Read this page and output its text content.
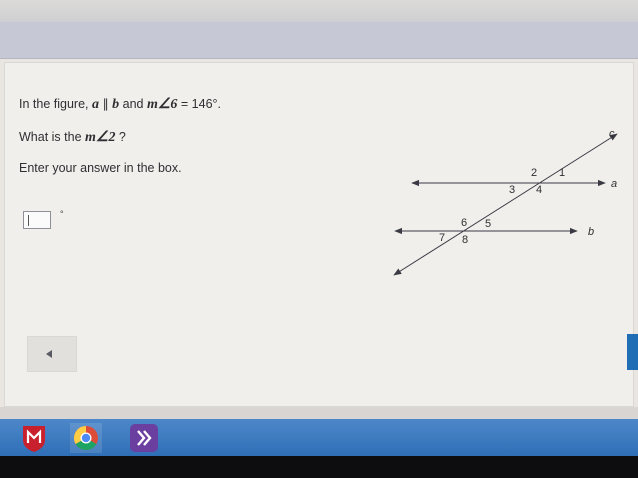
In the figure, a ∥ b and m∠6 = 146°.
What is the m∠2 ?
Enter your answer in the box.
°
c
a
b
1
2
3 4
5
6
7 8
